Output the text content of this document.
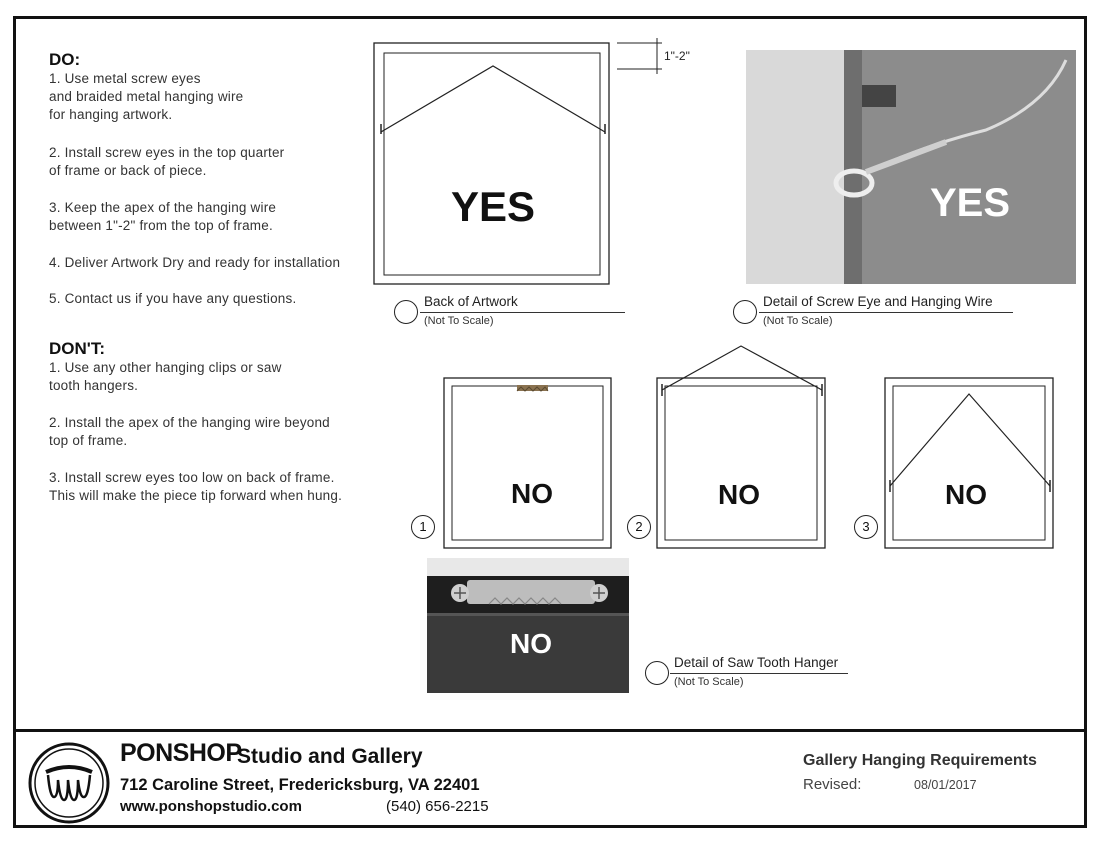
DO:
1. Use metal screw eyes
and braided metal hanging wire
for hanging artwork.
2. Install screw eyes in the top quarter
of frame or back of piece.
3. Keep the apex of the hanging wire
between 1"-2" from the top of frame.
4. Deliver Artwork Dry and ready for installation
5. Contact us if you have any questions.
DON'T:
1. Use any other hanging clips or saw
tooth hangers.
2. Install the apex of the hanging wire beyond
top of frame.
3. Install screw eyes too low on back of frame.
This will make the piece tip forward when hung.
1"-2"
YES
Back of Artwork
(Not To Scale)
YES
Detail of Screw Eye and Hanging Wire
(Not To Scale)
NO	NO	NO
1	2	3
NO
Detail of Saw Tooth Hanger
(Not To Scale)
PONSHOP
Studio and Gallery
712 Caroline Street, Fredericksburg, VA 22401
www.ponshopstudio.com	(540) 656-2215
Gallery Hanging Requirements
Revised:	08/01/2017
